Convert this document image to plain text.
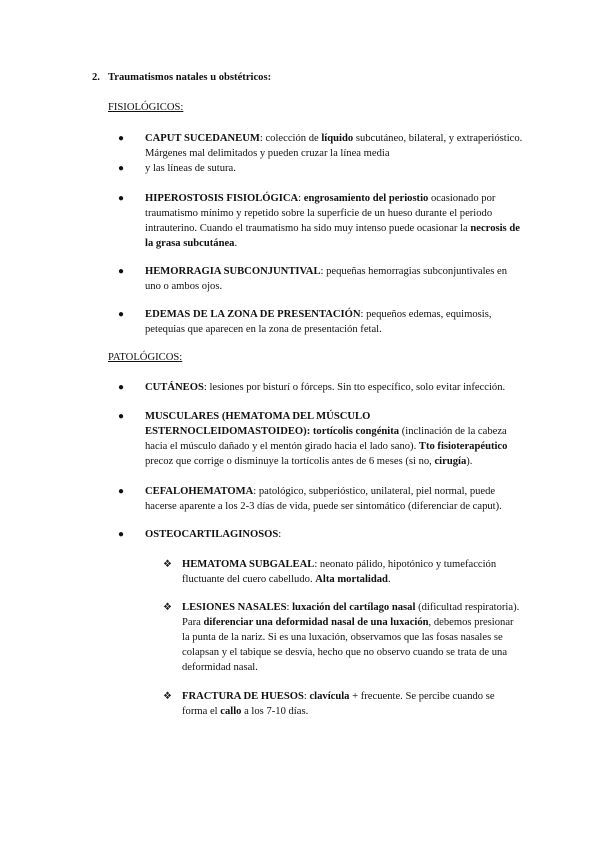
2. Traumatismos natales u obstétricos:
FISIOLÓGICOS:
●	CAPUT SUCEDANEUM: colección de líquido subcutáneo, bilateral, y extraperióstico. Márgenes mal delimitados y pueden cruzar la línea media
●	y las líneas de sutura.
●	HIPEROSTOSIS FISIOLÓGICA: engrosamiento del periostio ocasionado por traumatismo mínimo y repetido sobre la superficie de un hueso durante el periodo intrauterino. Cuando el traumatismo ha sido muy intenso puede ocasionar la necrosis de la grasa subcutánea.
●	HEMORRAGIA SUBCONJUNTIVAL: pequeñas hemorragias subconjuntivales en uno o ambos ojos.
●	EDEMAS DE LA ZONA DE PRESENTACIÓN: pequeños edemas, equimosis, petequias que aparecen en la zona de presentación fetal.
PATOLÓGICOS:
●	CUTÁNEOS: lesiones por bisturí o fórceps. Sin tto específico, solo evitar infección.
●	MUSCULARES (HEMATOMA DEL MÚSCULO ESTERNOCLEIDOMASTOIDEO): tortícolis congénita (inclinación de la cabeza hacia el músculo dañado y el mentón girado hacia el lado sano). Tto fisioterapéutico precoz que corrige o disminuye la tortícolis antes de 6 meses (si no, cirugía).
●	CEFALOHEMATOMA: patológico, subperióstico, unilateral, piel normal, puede hacerse aparente a los 2-3 días de vida, puede ser sintomático (diferenciar de caput).
●	OSTEOCARTILAGINOSOS:
❖ HEMATOMA SUBGALEAL: neonato pálido, hipotónico y tumefacción fluctuante del cuero cabelludo. Alta mortalidad.
❖ LESIONES NASALES: luxación del cartílago nasal (dificultad respiratoria). Para diferenciar una deformidad nasal de una luxación, debemos presionar la punta de la nariz. Si es una luxación, observamos que las fosas nasales se colapsan y el tabique se desvía, hecho que no observo cuando se trata de una deformidad nasal.
❖ FRACTURA DE HUESOS: clavícula + frecuente. Se percibe cuando se forma el callo a los 7-10 días.
